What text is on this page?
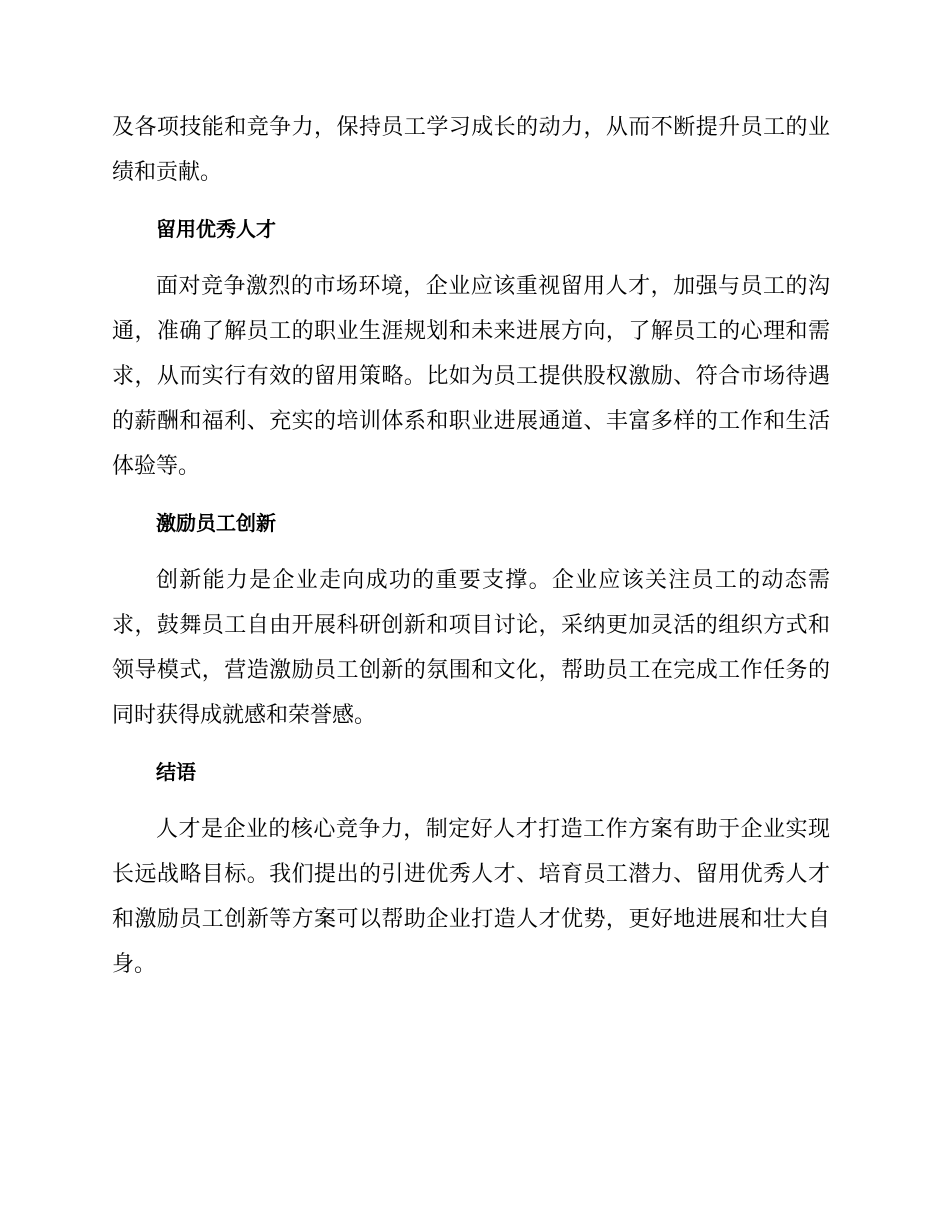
及各项技能和竞争力，保持员工学习成长的动力，从而不断提升员工的业绩和贡献。

留用优秀人才

面对竞争激烈的市场环境，企业应该重视留用人才，加强与员工的沟通，准确了解员工的职业生涯规划和未来进展方向，了解员工的心理和需求，从而实行有效的留用策略。比如为员工提供股权激励、符合市场待遇的薪酬和福利、充实的培训体系和职业进展通道、丰富多样的工作和生活体验等。

激励员工创新

创新能力是企业走向成功的重要支撑。企业应该关注员工的动态需求，鼓舞员工自由开展科研创新和项目讨论，采纳更加灵活的组织方式和领导模式，营造激励员工创新的氛围和文化，帮助员工在完成工作任务的同时获得成就感和荣誉感。

结语

人才是企业的核心竞争力，制定好人才打造工作方案有助于企业实现长远战略目标。我们提出的引进优秀人才、培育员工潜力、留用优秀人才和激励员工创新等方案可以帮助企业打造人才优势，更好地进展和壮大自身。
